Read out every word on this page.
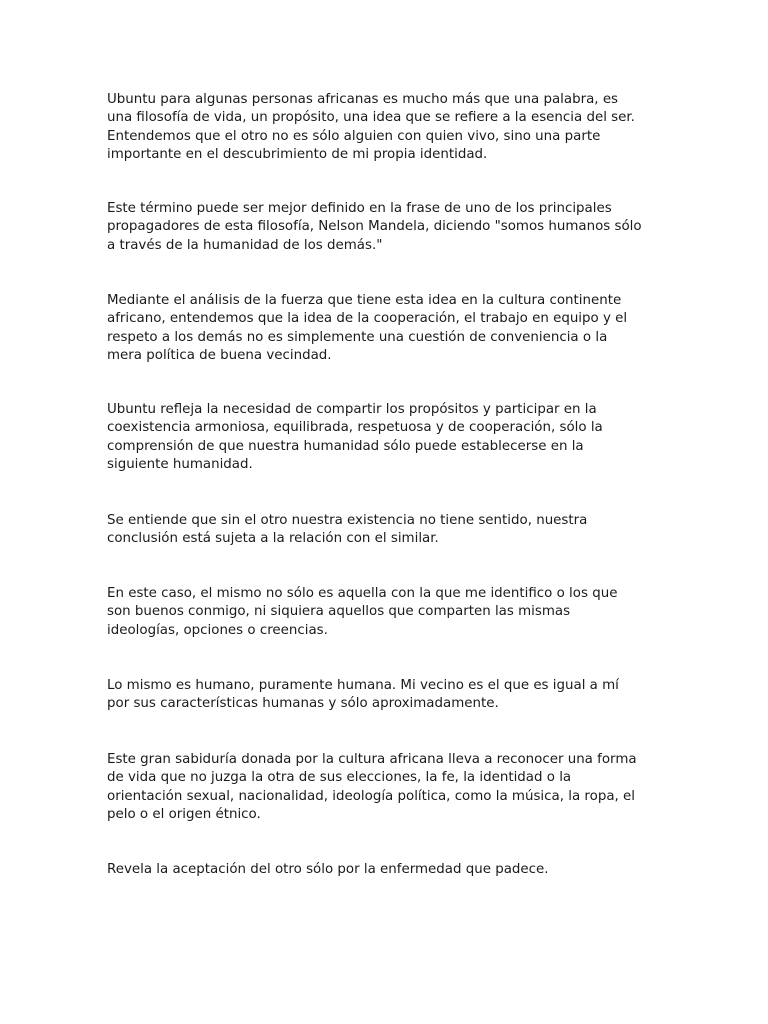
Ubuntu para algunas personas africanas es mucho más que una palabra, es
una filosofía de vida, un propósito, una idea que se refiere a la esencia del ser.
Entendemos que el otro no es sólo alguien con quien vivo, sino una parte
importante en el descubrimiento de mi propia identidad.

Este término puede ser mejor definido en la frase de uno de los principales
propagadores de esta filosofía, Nelson Mandela, diciendo "somos humanos sólo
a través de la humanidad de los demás."

Mediante el análisis de la fuerza que tiene esta idea en la cultura continente
africano, entendemos que la idea de la cooperación, el trabajo en equipo y el
respeto a los demás no es simplemente una cuestión de conveniencia o la
mera política de buena vecindad.

Ubuntu refleja la necesidad de compartir los propósitos y participar en la
coexistencia armoniosa, equilibrada, respetuosa y de cooperación, sólo la
comprensión de que nuestra humanidad sólo puede establecerse en la
siguiente humanidad.

Se entiende que sin el otro nuestra existencia no tiene sentido, nuestra
conclusión está sujeta a la relación con el similar.

En este caso, el mismo no sólo es aquella con la que me identifico o los que
son buenos conmigo, ni siquiera aquellos que comparten las mismas
ideologías, opciones o creencias.

Lo mismo es humano, puramente humana. Mi vecino es el que es igual a mí
por sus características humanas y sólo aproximadamente.

Este gran sabiduría donada por la cultura africana lleva a reconocer una forma
de vida que no juzga la otra de sus elecciones, la fe, la identidad o la
orientación sexual, nacionalidad, ideología política, como la música, la ropa, el
pelo o el origen étnico.

Revela la aceptación del otro sólo por la enfermedad que padece.
